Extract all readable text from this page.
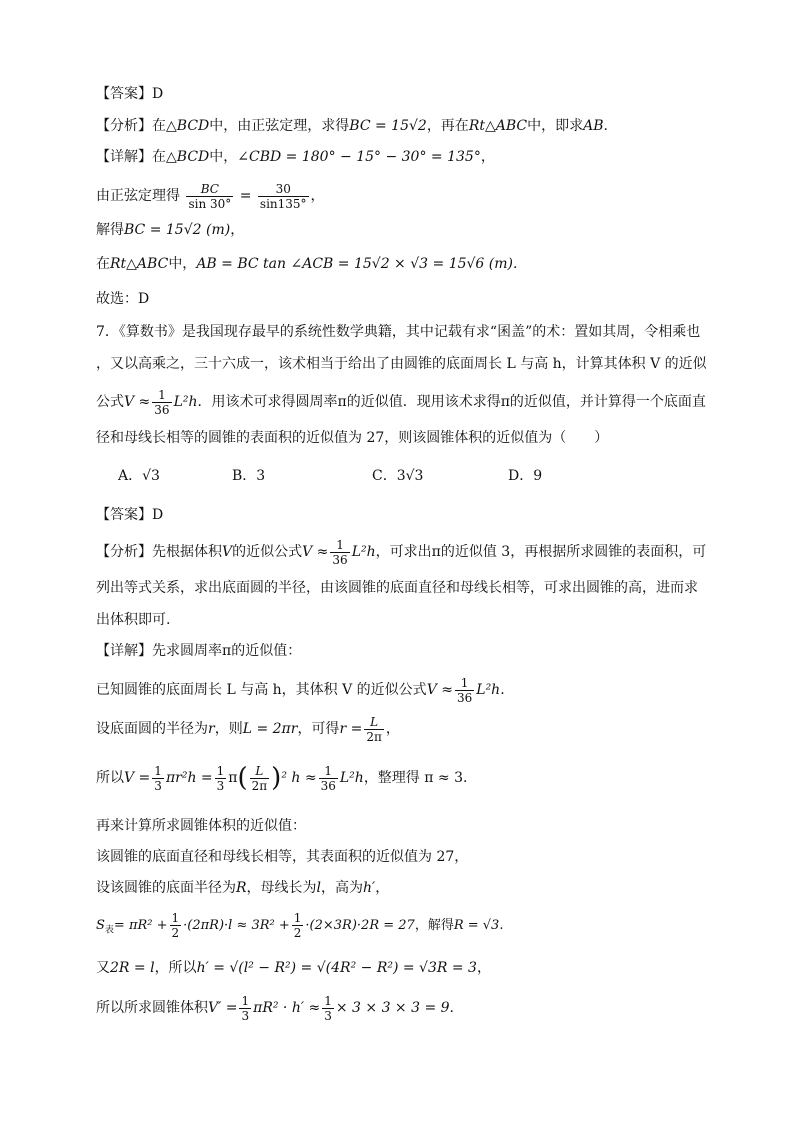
【答案】D
【分析】在△BCD中，由正弦定理，求得BC = 15√2，再在Rt△ABC中，即求AB.
【详解】在△BCD中，∠CBD = 180° − 15° − 30° = 135°，
由正弦定理得 $\frac{BC}{\sin 30^\circ} = \frac{30}{\sin 135^\circ}$ ，
解得BC = 15√2 (m)，
在Rt△ABC中，AB = BC tan ∠ACB = 15√2 × √3 = 15√6 (m).
故选：D
7．《算数书》是我国现存最早的系统性数学典籍，其中记载有求“囷盖”的术：置如其周，令相乘也
，又以高乘之，三十六成一，该术相当于给出了由圆锥的底面周长 L 与高 h，计算其体积 V 的近似
公式$V \approx \frac{1}{36} L^2h$．用该术可求得圆周率π的近似值．现用该术求得π的近似值，并计算得一个底面直
径和母线长相等的圆锥的表面积的近似值为 27，则该圆锥体积的近似值为（　　）
A．√3	B．3	C．3√3	D．9
【答案】D
【分析】先根据体积V的近似公式$V \approx \frac{1}{36} L^2h$，可求出π的近似值 3，再根据所求圆锥的表面积，可
列出等式关系，求出底面圆的半径，由该圆锥的底面直径和母线长相等，可求出圆锥的高，进而求
出体积即可.
【详解】先求圆周率π的近似值：
已知圆锥的底面周长 L 与高 h，其体积 V 的近似公式$V \approx \frac{1}{36} L^2h$.
设底面圆的半径为r，则L = 2πr，可得$r = \frac{L}{2\pi}$ ，
所以$V = \frac{1}{3} \pi r^2h = \frac{1}{3} \pi( \frac{L}{2\pi} )^2$ $h \approx \frac{1}{36} L^2h$，整理得 π ≈ 3.
再来计算所求圆锥体积的近似值：
该圆锥的底面直径和母线长相等，其表面积的近似值为 27，
设该圆锥的底面半径为R，母线长为l，高为h′，
$S_表= \pi R^2 + \frac{1}{2} \cdot(2\pi R)\cdot l \approx 3R^2 + \frac{1}{2} \cdot(2\times 3R)\cdot 2R = 27$，解得R = √3.
又2R = l，所以h′ = √(l² − R²) = √(4R² − R²) = √3R = 3，
所以所求圆锥体积$V' = \frac{1}{3} \pi R^2 \cdot h' \approx \frac{1}{3} \times 3 \times 3 \times 3 = 9$.
